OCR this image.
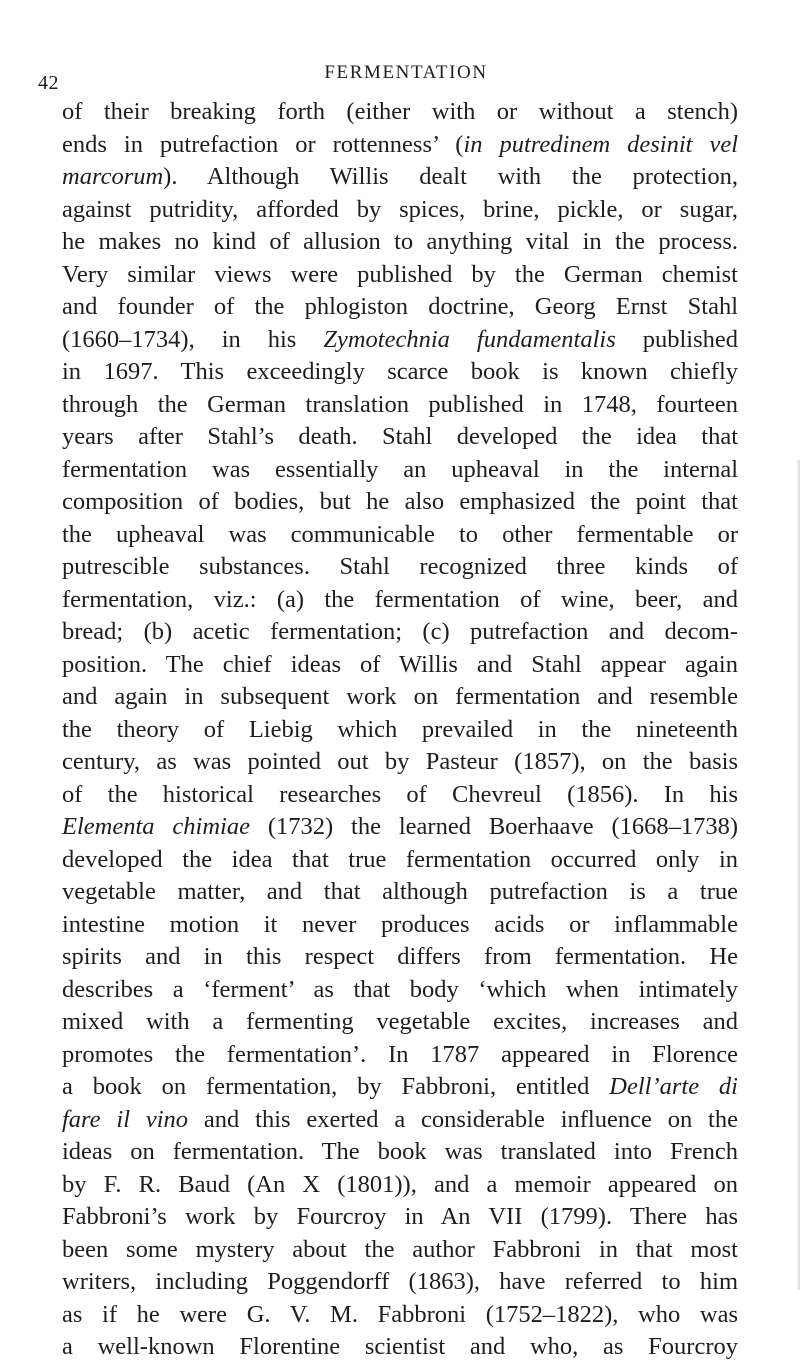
42	FERMENTATION
of their breaking forth (either with or without a stench)
ends in putrefaction or rottenness’ (in putredinem desinit vel
marcorum). Although Willis dealt with the protection,
against putridity, afforded by spices, brine, pickle, or sugar,
he makes no kind of allusion to anything vital in the process.
Very similar views were published by the German chemist
and founder of the phlogiston doctrine, Georg Ernst Stahl
(1660–1734), in his Zymotechnia fundamentalis published
in 1697. This exceedingly scarce book is known chiefly
through the German translation published in 1748, fourteen
years after Stahl’s death. Stahl developed the idea that
fermentation was essentially an upheaval in the internal
composition of bodies, but he also emphasized the point that
the upheaval was communicable to other fermentable or
putrescible substances. Stahl recognized three kinds of
fermentation, viz.: (a) the fermentation of wine, beer, and
bread; (b) acetic fermentation; (c) putrefaction and decom-
position. The chief ideas of Willis and Stahl appear again
and again in subsequent work on fermentation and resemble
the theory of Liebig which prevailed in the nineteenth
century, as was pointed out by Pasteur (1857), on the basis
of the historical researches of Chevreul (1856). In his
Elementa chimiae (1732) the learned Boerhaave (1668–1738)
developed the idea that true fermentation occurred only in
vegetable matter, and that although putrefaction is a true
intestine motion it never produces acids or inflammable
spirits and in this respect differs from fermentation. He
describes a ‘ferment’ as that body ‘which when intimately
mixed with a fermenting vegetable excites, increases and
promotes the fermentation’. In 1787 appeared in Florence
a book on fermentation, by Fabbroni, entitled Dell’arte di
fare il vino and this exerted a considerable influence on the
ideas on fermentation. The book was translated into French
by F. R. Baud (An X (1801)), and a memoir appeared on
Fabbroni’s work by Fourcroy in An VII (1799). There has
been some mystery about the author Fabbroni in that most
writers, including Poggendorff (1863), have referred to him
as if he were G. V. M. Fabbroni (1752–1822), who was
a well-known Florentine scientist and who, as Fourcroy
